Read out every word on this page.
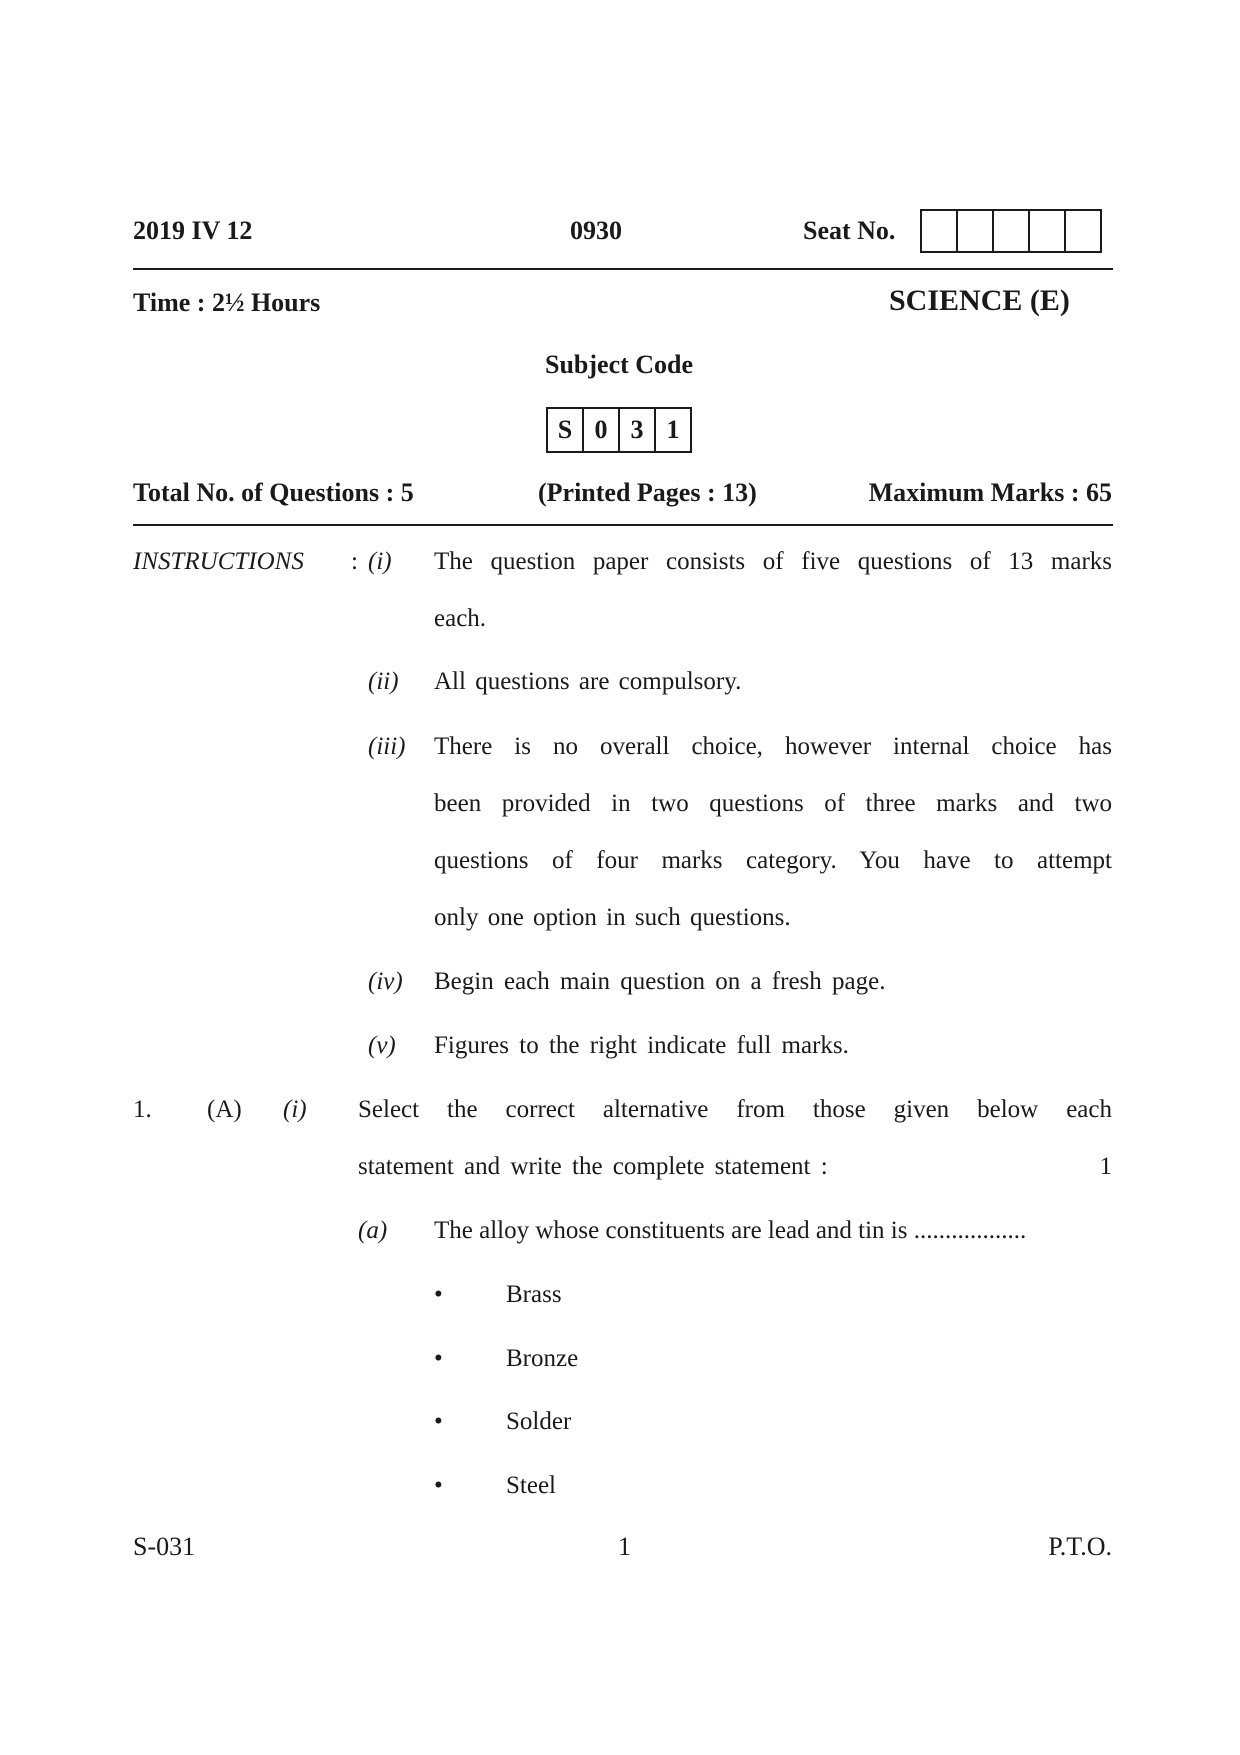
2019 IV 12	0930	Seat No.
Time : 2½ Hours	SCIENCE (E)
Subject Code
S 0 3 1
Total No. of Questions : 5	(Printed Pages : 13)	Maximum Marks : 65
INSTRUCTIONS : (i) The question paper consists of five questions of 13 marks
each.
(ii) All questions are compulsory.
(iii) There is no overall choice, however internal choice has
been provided in two questions of three marks and two
questions of four marks category. You have to attempt
only one option in such questions.
(iv) Begin each main question on a fresh page.
(v) Figures to the right indicate full marks.
1. (A) (i) Select the correct alternative from those given below each
statement and write the complete statement :	1
(a) The alloy whose constituents are lead and tin is ..................
•	Brass
•	Bronze
•	Solder
•	Steel
S-031	1	P.T.O.
